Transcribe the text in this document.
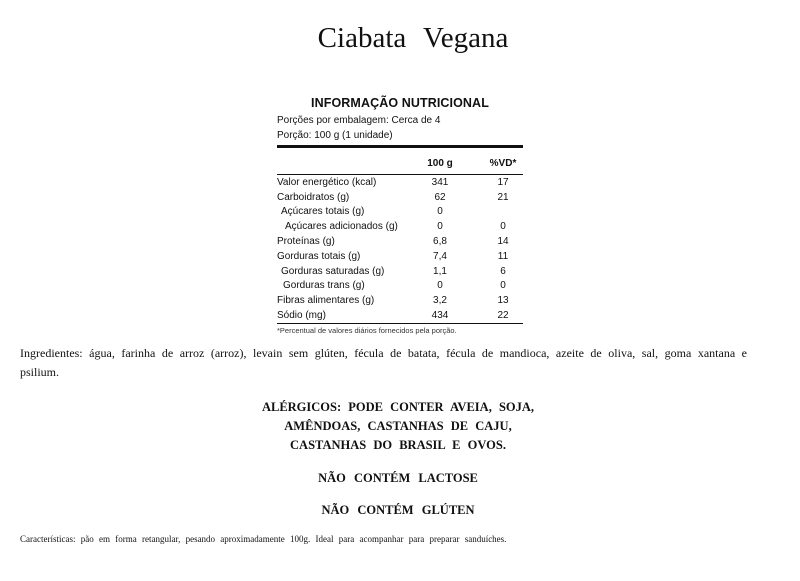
Ciabata Vegana
INFORMAÇÃO NUTRICIONAL
Porções por embalagem: Cerca de 4
Porção: 100 g (1 unidade)
100 g	%VD*
Valor energético (kcal)	341	17
Carboidratos (g)	62	21
Açúcares totais (g)	0
Açúcares adicionados (g)	0	0
Proteínas (g)	6,8	14
Gorduras totais (g)	7,4	11
Gorduras saturadas (g)	1,1	6
Gorduras trans (g)	0	0
Fibras alimentares (g)	3,2	13
Sódio (mg)	434	22
*Percentual de valores diários fornecidos pela porção.
Ingredientes: água, farinha de arroz (arroz), levain sem glúten, fécula de batata, fécula de mandioca, azeite de oliva, sal, goma xantana e psilium.
ALÉRGICOS: PODE CONTER AVEIA, SOJA,
AMÊNDOAS, CASTANHAS DE CAJU,
CASTANHAS DO BRASIL E OVOS.
NÃO CONTÉM LACTOSE
NÃO CONTÉM GLÚTEN
Características: pão em forma retangular, pesando aproximadamente 100g. Ideal para acompanhar para preparar sanduíches.
